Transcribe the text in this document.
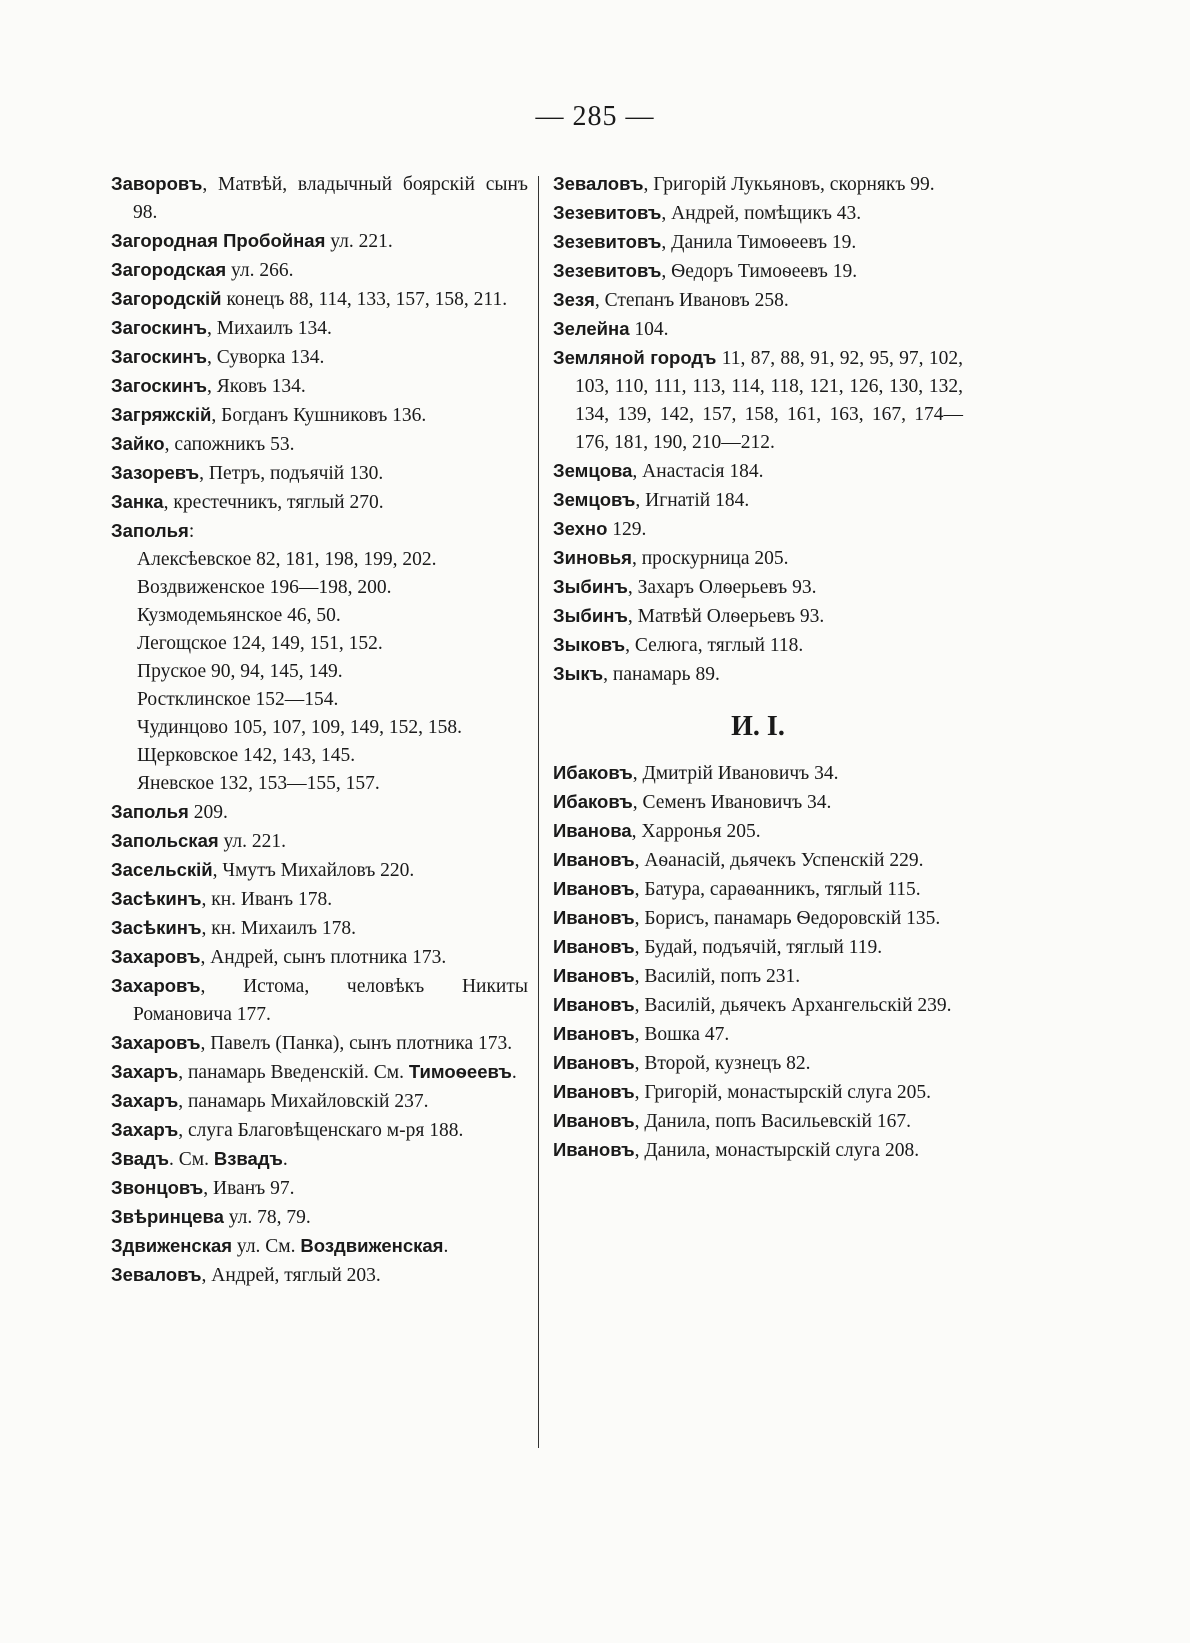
— 285 —
Заворовъ, Матвѣй, владычный боярскій сынъ 98.
Загородная Пробойная ул. 221.
Загородская ул. 266.
Загородскій конецъ 88, 114, 133, 157, 158, 211.
Загоскинъ, Михаилъ 134.
Загоскинъ, Суворка 134.
Загоскинъ, Яковъ 134.
Загряжскій, Богданъ Кушниковъ 136.
Зайко, сапожникъ 53.
Зазоревъ, Петръ, подъячій 130.
Занка, крестечникъ, тяглый 270.
Заполья:
Алексѣевское 82, 181, 198, 199, 202.
Воздвиженское 196—198, 200.
Кузмодемьянское 46, 50.
Легощское 124, 149, 151, 152.
Пруское 90, 94, 145, 149.
Ростклинское 152—154.
Чудинцово 105, 107, 109, 149, 152, 158.
Щерковское 142, 143, 145.
Яневское 132, 153—155, 157.
Заполья 209.
Запольская ул. 221.
Засельскій, Чмутъ Михайловъ 220.
Засѣкинъ, кн. Иванъ 178.
Засѣкинъ, кн. Михаилъ 178.
Захаровъ, Андрей, сынъ плотника 173.
Захаровъ, Истома, человѣкъ Никиты Романовича 177.
Захаровъ, Павелъ (Панка), сынъ плотника 173.
Захаръ, панамарь Введенскій. См. Тимоѳеевъ.
Захаръ, панамарь Михайловскій 237.
Захаръ, слуга Благовѣщенскаго м-ря 188.
Звадъ. См. Взвадъ.
Звонцовъ, Иванъ 97.
Звѣринцева ул. 78, 79.
Здвиженская ул. См. Воздвиженская.
Зеваловъ, Андрей, тяглый 203.
Зеваловъ, Григорій Лукьяновъ, скорнякъ 99.
Зезевитовъ, Андрей, помѣщикъ 43.
Зезевитовъ, Данила Тимоѳеевъ 19.
Зезевитовъ, Ѳедоръ Тимоѳеевъ 19.
Зезя, Степанъ Ивановъ 258.
Зелейна 104.
Земляной городъ 11, 87, 88, 91, 92, 95, 97, 102, 103, 110, 111, 113, 114, 118, 121, 126, 130, 132, 134, 139, 142, 157, 158, 161, 163, 167, 174—176, 181, 190, 210—212.
Земцова, Анастасія 184.
Земцовъ, Игнатій 184.
Зехно 129.
Зиновья, проскурница 205.
Зыбинъ, Захаръ Олѳерьевъ 93.
Зыбинъ, Матвѣй Олѳерьевъ 93.
Зыковъ, Селюга, тяглый 118.
Зыкъ, панамарь 89.
И. I.
Ибаковъ, Дмитрій Ивановичъ 34.
Ибаковъ, Семенъ Ивановичъ 34.
Иванова, Харронья 205.
Ивановъ, Аѳанасій, дьячекъ Успенскій 229.
Ивановъ, Батура, сараѳанникъ, тяглый 115.
Ивановъ, Борисъ, панамарь Ѳедоровскій 135.
Ивановъ, Будай, подъячій, тяглый 119.
Ивановъ, Василій, попъ 231.
Ивановъ, Василій, дьячекъ Архангельскій 239.
Ивановъ, Вошка 47.
Ивановъ, Второй, кузнецъ 82.
Ивановъ, Григорій, монастырскій слуга 205.
Ивановъ, Данила, попъ Васильевскій 167.
Ивановъ, Данила, монастырскій слуга 208.
